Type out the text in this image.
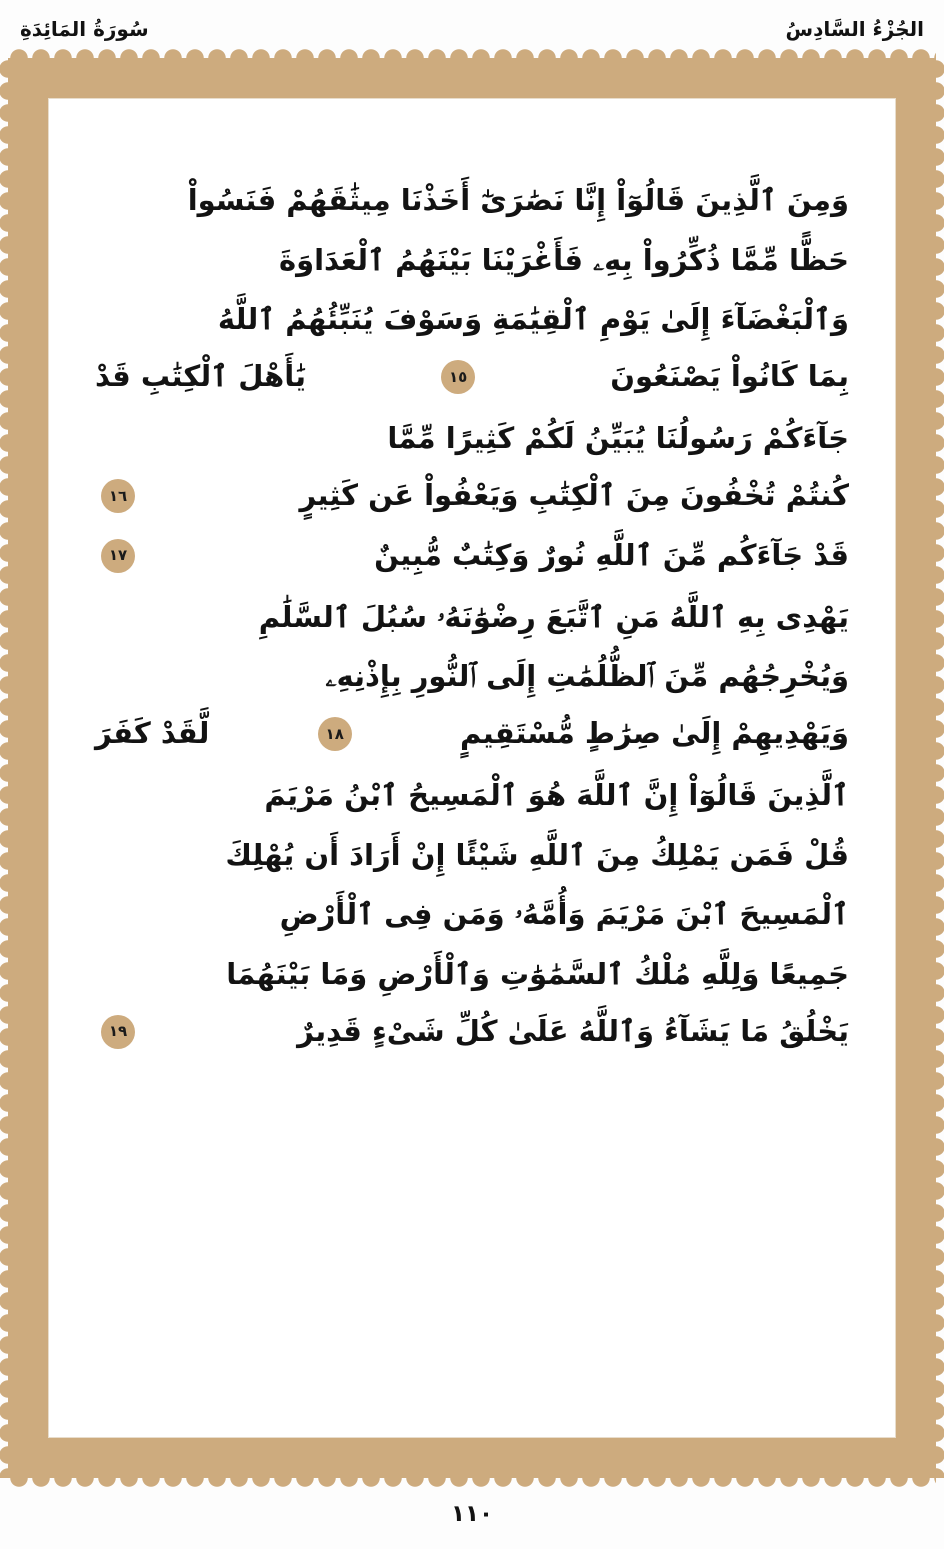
الجُزْءُ السَّادِسُ
سُورَةُ المَائِدَةِ
وَمِنَ ٱلَّذِينَ قَالُوٓاْ إِنَّا نَصَٰرَىٰٓ أَخَذْنَا مِيثَٰقَهُمْ فَنَسُواْ
حَظًّا مِّمَّا ذُكِّرُواْ بِهِۦ فَأَغْرَيْنَا بَيْنَهُمُ ٱلْعَدَاوَةَ
وَٱلْبَغْضَآءَ إِلَىٰ يَوْمِ ٱلْقِيَٰمَةِ وَسَوْفَ يُنَبِّئُهُمُ ٱللَّهُ
بِمَا كَانُواْ يَصْنَعُونَ
١٥
يَٰأَهْلَ ٱلْكِتَٰبِ قَدْ
جَآءَكُمْ رَسُولُنَا يُبَيِّنُ لَكُمْ كَثِيرًا مِّمَّا
كُنتُمْ تُخْفُونَ مِنَ ٱلْكِتَٰبِ وَيَعْفُواْ عَن كَثِيرٍ
١٦
قَدْ جَآءَكُم مِّنَ ٱللَّهِ نُورٌ وَكِتَٰبٌ مُّبِينٌ
١٧
يَهْدِى بِهِ ٱللَّهُ مَنِ ٱتَّبَعَ رِضْوَٰنَهُۥ سُبُلَ ٱلسَّلَٰمِ
وَيُخْرِجُهُم مِّنَ ٱلظُّلُمَٰتِ إِلَى ٱلنُّورِ بِإِذْنِهِۦ
وَيَهْدِيهِمْ إِلَىٰ صِرَٰطٍ مُّسْتَقِيمٍ
١٨
لَّقَدْ كَفَرَ
ٱلَّذِينَ قَالُوٓاْ إِنَّ ٱللَّهَ هُوَ ٱلْمَسِيحُ ٱبْنُ مَرْيَمَ
قُلْ فَمَن يَمْلِكُ مِنَ ٱللَّهِ شَيْئًا إِنْ أَرَادَ أَن يُهْلِكَ
ٱلْمَسِيحَ ٱبْنَ مَرْيَمَ وَأُمَّهُۥ وَمَن فِى ٱلْأَرْضِ
جَمِيعًا وَلِلَّهِ مُلْكُ ٱلسَّمَٰوَٰتِ وَٱلْأَرْضِ وَمَا بَيْنَهُمَا
يَخْلُقُ مَا يَشَآءُ وَٱللَّهُ عَلَىٰ كُلِّ شَىْءٍ قَدِيرٌ
١٩
١١٠
